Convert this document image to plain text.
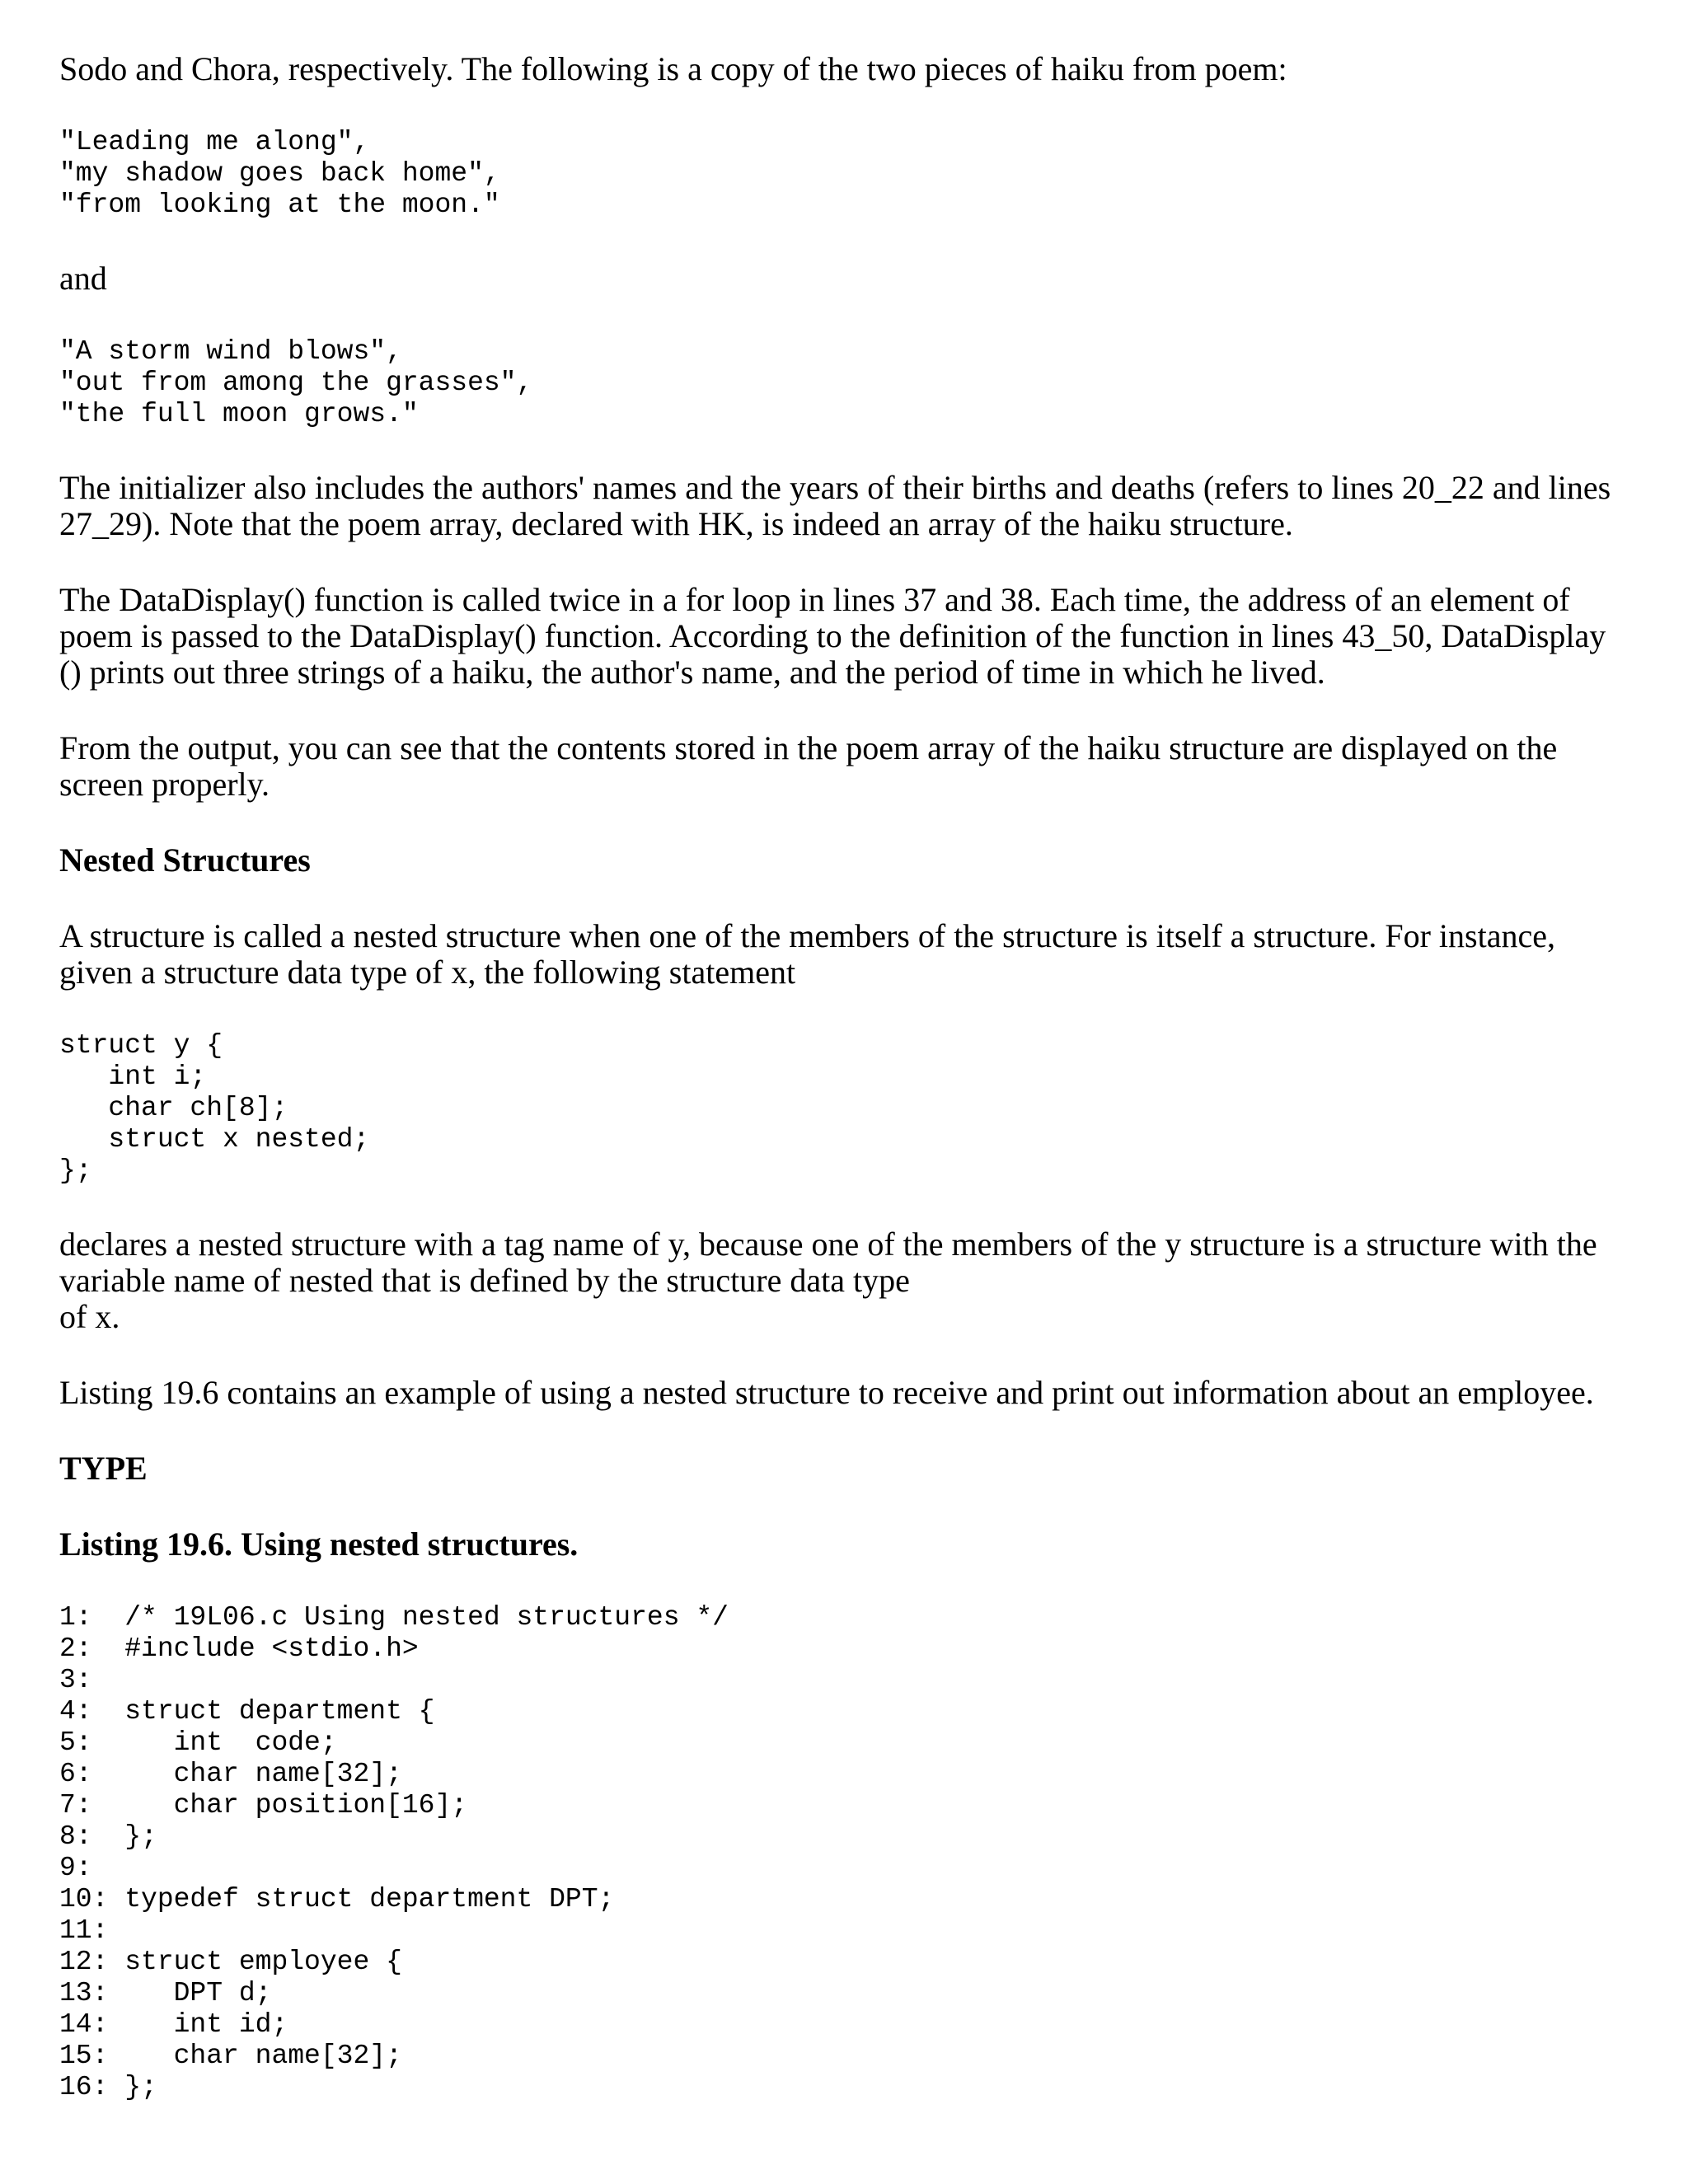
Sodo and Chora, respectively. The following is a copy of the two pieces of haiku from poem:

"Leading me along",
"my shadow goes back home",
"from looking at the moon."

and

"A storm wind blows",
"out from among the grasses",
"the full moon grows."

The initializer also includes the authors' names and the years of their births and deaths (refers to lines 20_22 and lines
27_29). Note that the poem array, declared with HK, is indeed an array of the haiku structure.

The DataDisplay() function is called twice in a for loop in lines 37 and 38. Each time, the address of an element of
poem is passed to the DataDisplay() function. According to the definition of the function in lines 43_50, DataDisplay
() prints out three strings of a haiku, the author's name, and the period of time in which he lived.

From the output, you can see that the contents stored in the poem array of the haiku structure are displayed on the
screen properly.

Nested Structures

A structure is called a nested structure when one of the members of the structure is itself a structure. For instance,
given a structure data type of x, the following statement

struct y {
int i;
char ch[8];
struct x nested;
};

declares a nested structure with a tag name of y, because one of the members of the y structure is a structure with the
variable name of nested that is defined by the structure data type
of x.

Listing 19.6 contains an example of using a nested structure to receive and print out information about an employee.

TYPE

Listing 19.6. Using nested structures.

1:  /* 19L06.c Using nested structures */
2:  #include <stdio.h>
3:
4:  struct department {
5:     int  code;
6:     char name[32];
7:     char position[16];
8:  };
9:
10: typedef struct department DPT;
11:
12: struct employee {
13:    DPT d;
14:    int id;
15:    char name[32];
16: };
